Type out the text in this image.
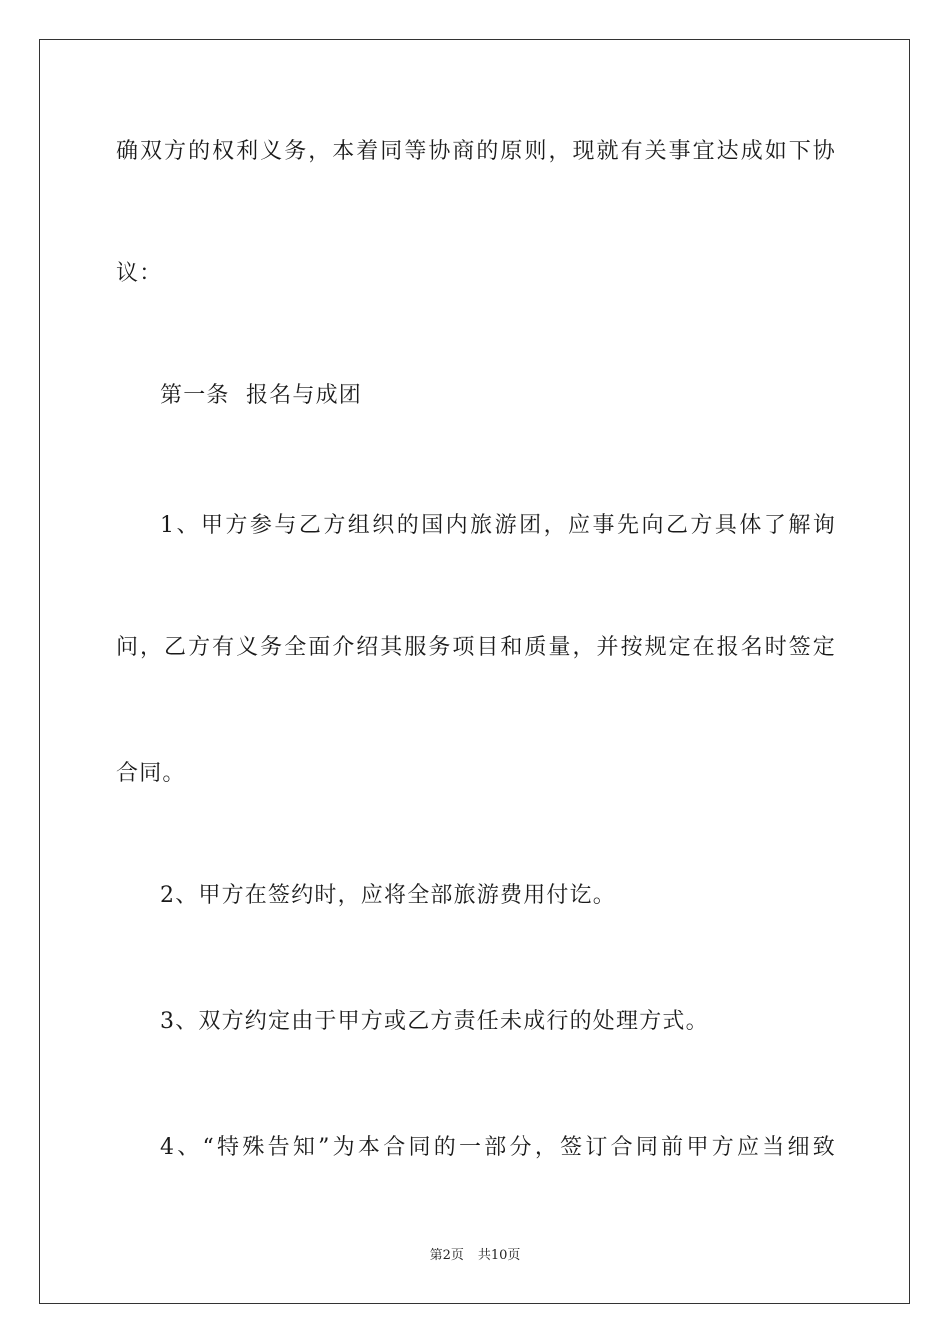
确双方的权利义务，本着同等协商的原则，现就有关事宜达成如下协
议：
第一条  报名与成团
1、甲方参与乙方组织的国内旅游团，应事先向乙方具体了解询
问，乙方有义务全面介绍其服务项目和质量，并按规定在报名时签定
合同。
2、甲方在签约时，应将全部旅游费用付讫。
3、双方约定由于甲方或乙方责任未成行的处理方式。
4、“特殊告知”为本合同的一部分，签订合同前甲方应当细致
第2页 共10页
